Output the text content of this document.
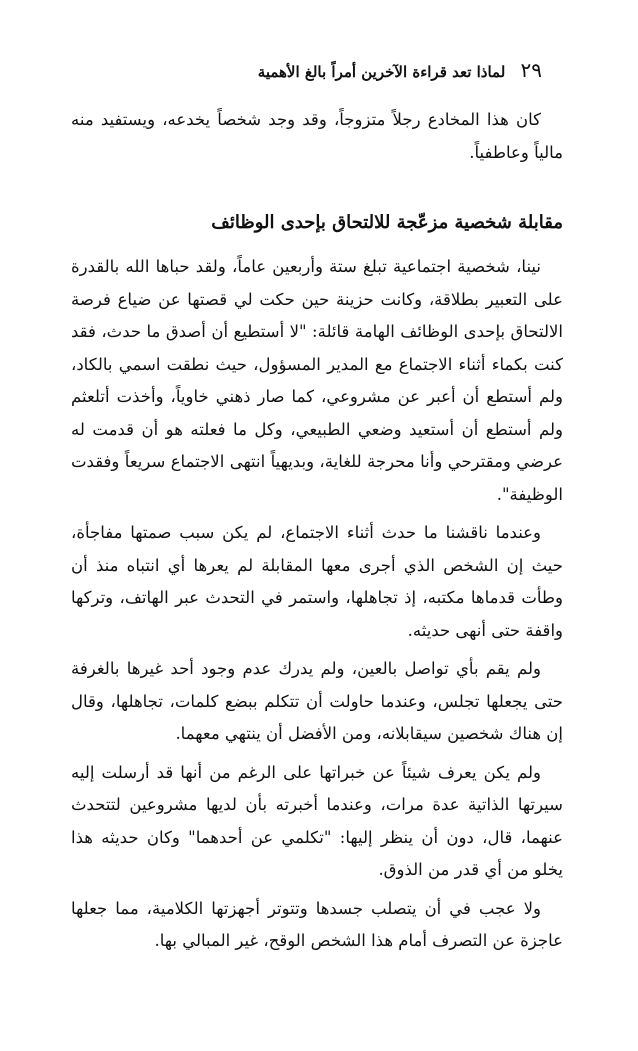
٢٩ لماذا تعد قراءة الآخرين أمراً بالغ الأهمية

كان هذا المخادع رجلاً متزوجاً، وقد وجد شخصاً يخدعه، ويستفيد منه مالياً وعاطفياً.

مقابلة شخصية مزعّجة للالتحاق بإحدى الوظائف

نينا، شخصية اجتماعية تبلغ ستة وأربعين عاماً، ولقد حباها الله بالقدرة على التعبير بطلاقة، وكانت حزينة حين حكت لي قصتها عن ضياع فرصة الالتحاق بإحدى الوظائف الهامة قائلة: "لا أستطيع أن أصدق ما حدث، فقد كنت بكماء أثناء الاجتماع مع المدير المسؤول، حيث نطقت اسمي بالكاد، ولم أستطع أن أعبر عن مشروعي، كما صار ذهني خاوياً، وأخذت أتلعثم ولم أستطع أن أستعيد وضعي الطبيعي، وكل ما فعلته هو أن قدمت له عرضي ومقترحي وأنا محرجة للغاية، وبديهياً انتهى الاجتماع سريعاً وفقدت الوظيفة".

وعندما ناقشنا ما حدث أثناء الاجتماع، لم يكن سبب صمتها مفاجأة، حيث إن الشخص الذي أجرى معها المقابلة لم يعرها أي انتباه منذ أن وطأت قدماها مكتبه، إذ تجاهلها، واستمر في التحدث عبر الهاتف، وتركها واقفة حتى أنهى حديثه.

ولم يقم بأي تواصل بالعين، ولم يدرك عدم وجود أحد غيرها بالغرفة حتى يجعلها تجلس، وعندما حاولت أن تتكلم ببضع كلمات، تجاهلها، وقال إن هناك شخصين سيقابلانه، ومن الأفضل أن ينتهي معهما.

ولم يكن يعرف شيئاً عن خبراتها على الرغم من أنها قد أرسلت إليه سيرتها الذاتية عدة مرات، وعندما أخبرته بأن لديها مشروعين لتتحدث عنهما، قال، دون أن ينظر إليها: "تكلمي عن أحدهما" وكان حديثه هذا يخلو من أي قدر من الذوق.

ولا عجب في أن يتصلب جسدها وتتوتر أجهزتها الكلامية، مما جعلها عاجزة عن التصرف أمام هذا الشخص الوقح، غير المبالي بها.
